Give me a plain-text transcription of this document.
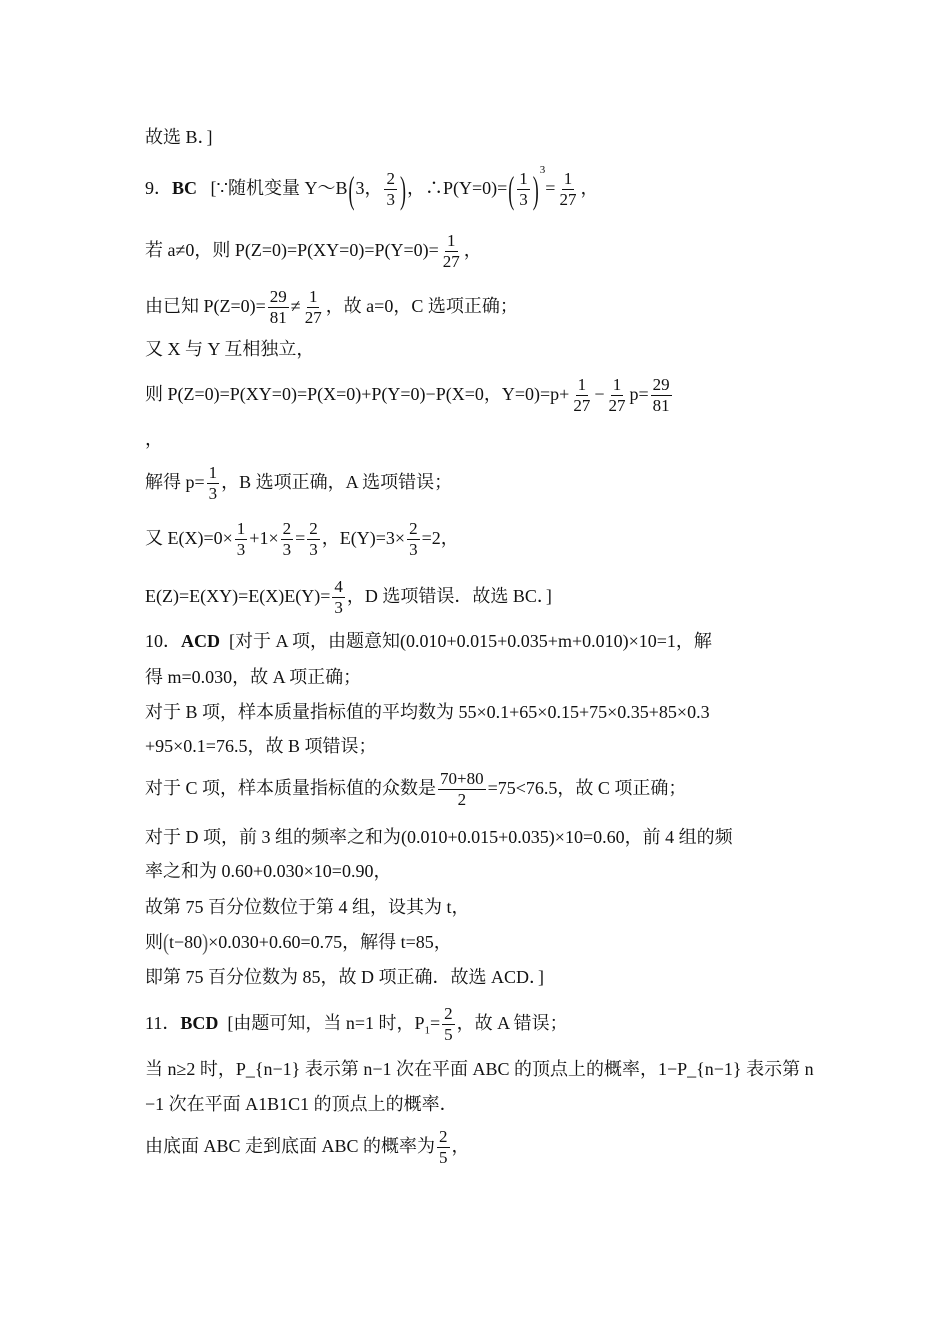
故选 B．]
9．BC [∵随机变量 Y～B(3， $\frac{2}{3}$ )，∴P(Y=0)=( $\frac{1}{3} )^3= \frac{1}{27}$ ，
若 a≠0，则 $P(Z=0)=P(XY=0)=P(Y=0)= \frac{1}{27}$ ，
由已知 $P(Z=0)= \frac{29}{81} \ne \frac{1}{27}$ ，故 a=0，C 选项正确；
又 X 与 Y 互相独立，
则 P(Z=0)=P(XY=0)=P(X=0)+P(Y=0)−P(X=0，$Y=0)=p+ \frac{1}{27} - \frac{1}{27} p= \frac{29}{81}$
，
解得 $p= \frac{1}{3}$ ，B 选项正确，A 选项错误；
又 $E(X)=0\times \frac{1}{3} +1\times \frac{2}{3} = \frac{2}{3}$ ，$E(Y)=3\times \frac{2}{3} =2$，
$E(Z)=E(XY)=E(X)E(Y)= \frac{4}{3}$ ，D 选项错误．故选 BC．]
10．ACD [对于 A 项，由题意知(0.010+0.015+0.035+m+0.010)×10=1，解
得 m=0.030，故 A 项正确；
对于 B 项，样本质量指标值的平均数为 55×0.1+65×0.15+75×0.35+85×0.3
+95×0.1=76.5，故 B 项错误；
对于 C 项，样本质量指标值的众数是 $\frac{70+80}{2} =75<76.5$，故 C 项正确；
对于 D 项，前 3 组的频率之和为(0.010+0.015+0.035)×10=0.60，前 4 组的频
率之和为 0.60+0.030×10=0.90，
故第 75 百分位数位于第 4 组，设其为 t，
则(t−80)×0.030+0.60=0.75，解得 t=85，
即第 75 百分位数为 85，故 D 项正确．故选 ACD．]
11．BCD [由题可知，当 n=1 时，$P_1= \frac{2}{5}$ ，故 A 错误；
当 n≥2 时，P_{n−1} 表示第 n−1 次在平面 ABC 的顶点上的概率，1−P_{n−1} 表示第 n
−1 次在平面 A1B1C1 的顶点上的概率．
由底面 ABC 走到底面 ABC 的概率为 $\frac{2}{5}$ ，
